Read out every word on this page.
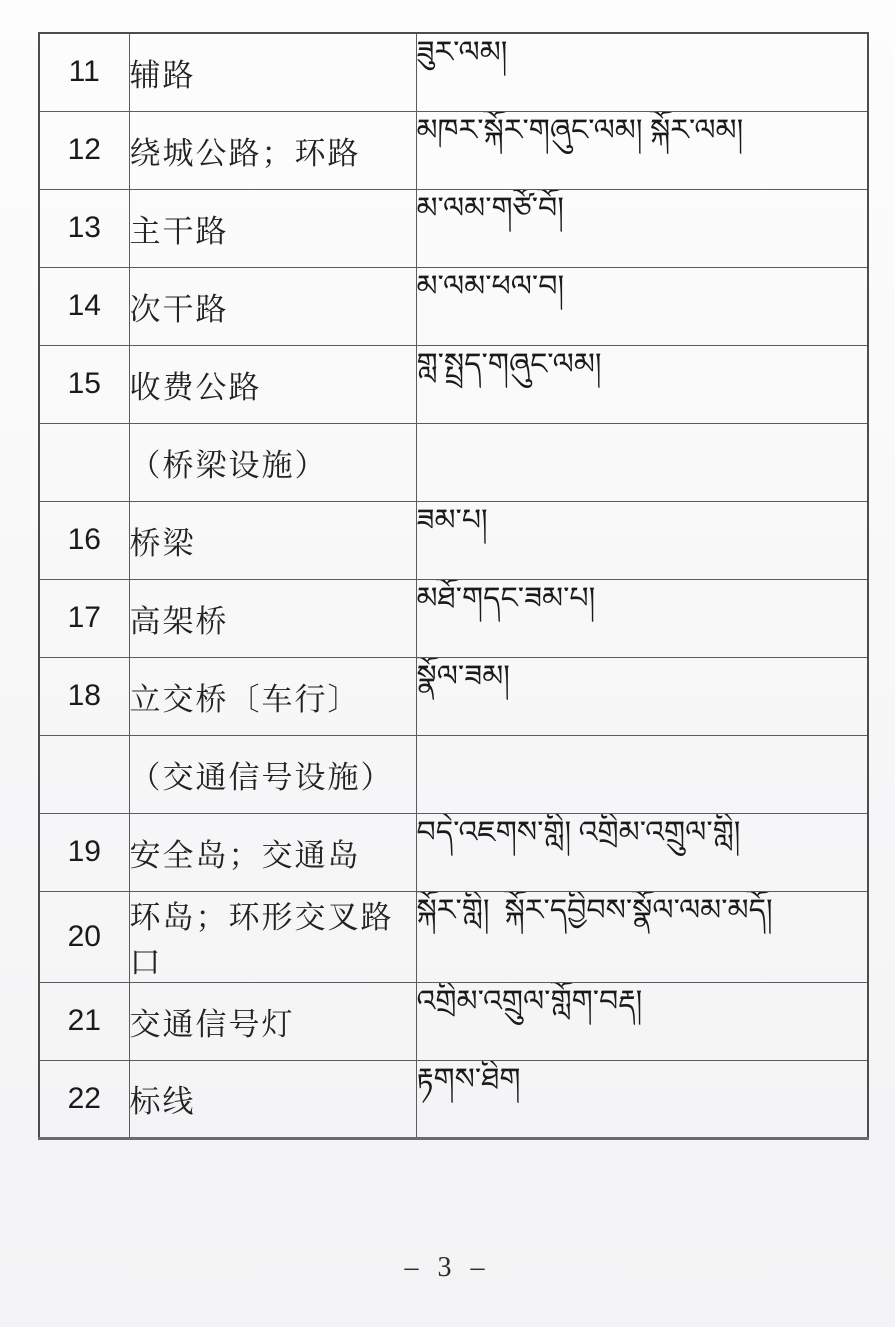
11	辅路	ཟུར་ལམ།
12	绕城公路；环路	མཁར་སྐོར་གཞུང་ལམ། སྐོར་ལམ།
13	主干路	མ་ལམ་གཙོ་བོ།
14	次干路	མ་ལམ་ཕལ་བ།
15	收费公路	གླ་སྤྲད་གཞུང་ལམ།
	（桥梁设施）	
16	桥梁	ཟམ་པ།
17	高架桥	མཐོ་གདང་ཟམ་པ།
18	立交桥〔车行〕	སྣོལ་ཟམ།
	（交通信号设施）	
19	安全岛；交通岛	བདེ་འཇགས་གླི། འགྲིམ་འགྲུལ་གླི།
20	环岛；环形交叉路口	སྐོར་གླི།  སྐོར་དབྱིབས་སྣོལ་ལམ་མདོ།
21	交通信号灯	འགྲིམ་འགྲུལ་གློག་བརྡ།
22	标线	རྟགས་ཐིག
– 3 –
